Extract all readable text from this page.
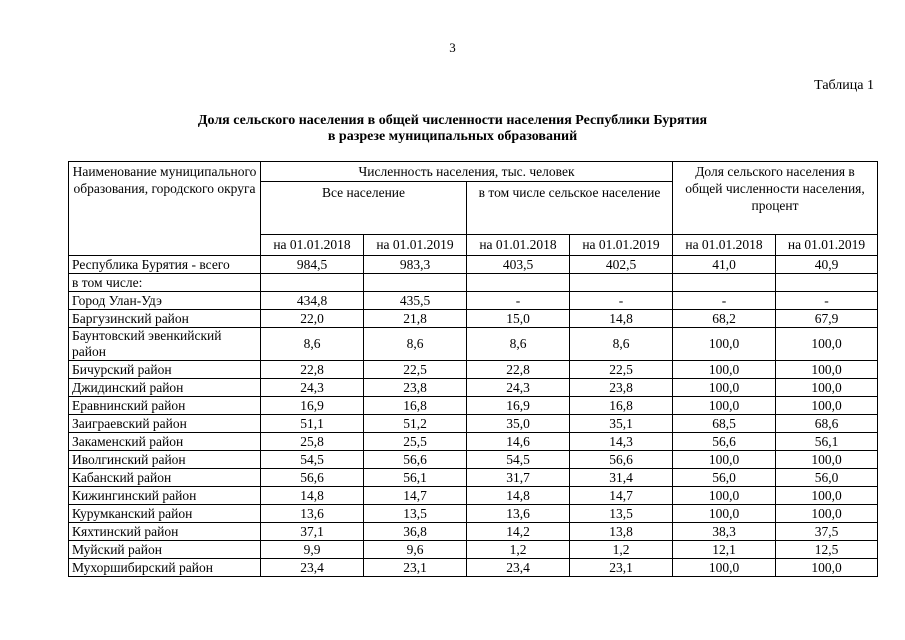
3
Таблица 1
Доля сельского населения в общей численности населения Республики Бурятия
в разрезе муниципальных образований
Наименование муниципального образования, городского округа	Численность населения, тыс. человек				Доля сельского населения в общей численности населения, процент	
	Все население		в том числе сельское население			
	на 01.01.2018	на 01.01.2019	на 01.01.2018	на 01.01.2019	на 01.01.2018	на 01.01.2019
Республика Бурятия - всего	984,5	983,3	403,5	402,5	41,0	40,9
в том числе:						
Город Улан-Удэ	434,8	435,5	-	-	-	-
Баргузинский район	22,0	21,8	15,0	14,8	68,2	67,9
Баунтовский эвенкийский район	8,6	8,6	8,6	8,6	100,0	100,0
Бичурский район	22,8	22,5	22,8	22,5	100,0	100,0
Джидинский район	24,3	23,8	24,3	23,8	100,0	100,0
Еравнинский район	16,9	16,8	16,9	16,8	100,0	100,0
Заиграевский район	51,1	51,2	35,0	35,1	68,5	68,6
Закаменский район	25,8	25,5	14,6	14,3	56,6	56,1
Иволгинский район	54,5	56,6	54,5	56,6	100,0	100,0
Кабанский район	56,6	56,1	31,7	31,4	56,0	56,0
Кижингинский район	14,8	14,7	14,8	14,7	100,0	100,0
Курумканский район	13,6	13,5	13,6	13,5	100,0	100,0
Кяхтинский район	37,1	36,8	14,2	13,8	38,3	37,5
Муйский район	9,9	9,6	1,2	1,2	12,1	12,5
Мухоршибирский район	23,4	23,1	23,4	23,1	100,0	100,0
